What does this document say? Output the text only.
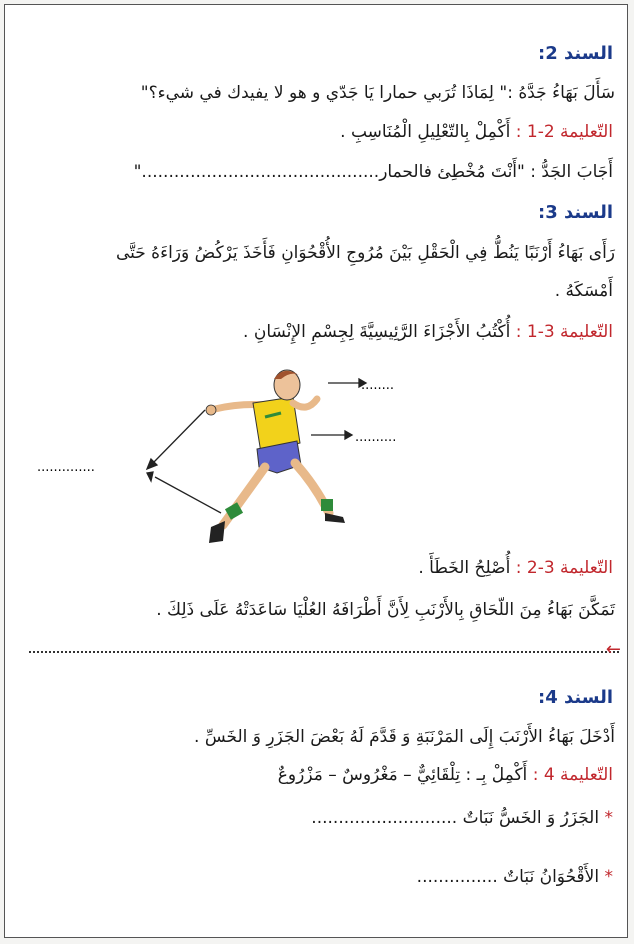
السند 2:
سَأَلَ بَهَاءُ جَدَّهُ :" لِمَاذَا تُرَبي حمارا يَا جَدّي و هو لا يفيدك في شيء؟"
التّعليمة 2-1 : أَكْمِلْ بِالتّعْلِيلِ الْمُنَاسِبِ .
أَجَابَ الجَدُّ : "أَنْتَ مُخْطِئ فالحمار............................................"
السند 3:
رَأَى بَهَاءُ أَرْنَبًا يَنُطُّ فِي الْحَقْلِ بَيْنَ مُرُوجِ الأُقْحُوَانِ فَأَخَذَ يَرْكُضُ وَرَاءَهُ حَتَّى
أَمْسَكَهُ .
التّعليمة 3-1 : أُكْتُبُ الأَجْزَاءَ الرَّئِيسِيَّةَ لِجِسْمِ الإِنْسَانِ .
........
..........
..............
التّعليمة 3-2 : أُصْلِحُ الخَطَأَ .
تَمَكَّنَ بَهَاءُ مِنَ اللّحَاقِ بِالأَرْنَبِ لِأَنَّ أَطْرَافَهُ العُلْيَا سَاعَدَتْهُ عَلَى ذَلِكَ .
←
السند 4:
أَدْخَلَ بَهَاءُ الأَرْنَبَ إِلَى المَرْنَبَةِ وَ قَدَّمَ لَهُ بَعْضَ الجَزَرِ وَ الخَسِّ .
التّعليمة 4 : أَكْمِلْ بِـ : تِلْقَائِيٌّ – مَغْرُوسٌ – مَزْرُوعٌ
* الجَزَرُ وَ الخَسُّ نَبَاتٌ ...........................
* الأَقْحُوَانُ نَبَاتٌ ...............
